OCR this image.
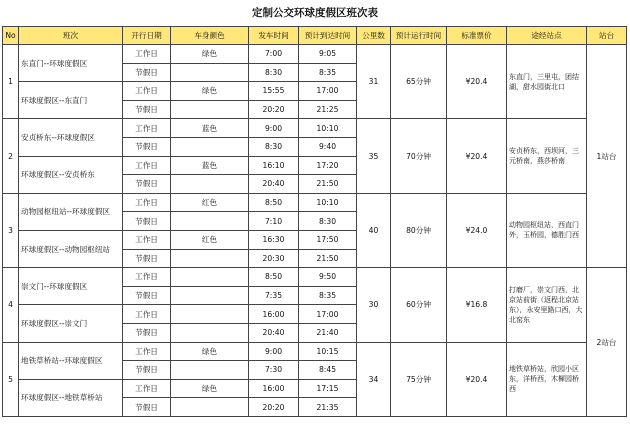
定制公交环球度假区班次表
No	班次	开行日期	车身颜色	发车时间	预计到达时间	公里数	预计运行时间	标准票价	途经站点	站台
1	东直门--环球度假区	工作日	绿色	7:00	9:05	31	65分钟	¥20.4	东直门，三里屯，团结湖，甜水园街北口	1站台
		节假日		8:30	8:35					
	环球度假区--东直门	工作日	绿色	15:55	17:00					
		节假日		20:20	21:25					
2	安贞桥东--环球度假区	工作日	蓝色	9:00	10:10	35	70分钟	¥20.4	安贞桥东，西坝河，三元桥南，燕莎桥南	
		节假日		8:30	9:40					
	环球度假区--安贞桥东	工作日	蓝色	16:10	17:20					
		节假日		20:40	21:50					
3	动物园枢纽站--环球度假区	工作日	红色	8:50	10:10	40	80分钟	¥24.0	动物园枢纽站，西直门外，玉桥园，德胜门西	
		节假日		7:10	8:30					
	环球度假区--动物园枢纽站	工作日	红色	16:30	17:50					
		节假日		20:30	21:50					
4	崇文门--环球度假区	工作日		8:50	9:50	30	60分钟	¥16.8	打磨厂，崇文门西，北京站前街（返程北京站东），永安里路口西，大北窑东	2站台
		节假日		7:35	8:35					
	环球度假区--崇文门	工作日		16:00	17:00					
		节假日		20:40	21:40					
5	地铁草桥站--环球度假区	工作日	绿色	9:00	10:15	34	75分钟	¥20.4	地铁草桥站，欣园小区东，洋桥西，木樨园桥西	
		节假日		7:30	8:45					
	环球度假区--地铁草桥站	工作日	绿色	16:00	17:15					
		节假日		20:20	21:35					
